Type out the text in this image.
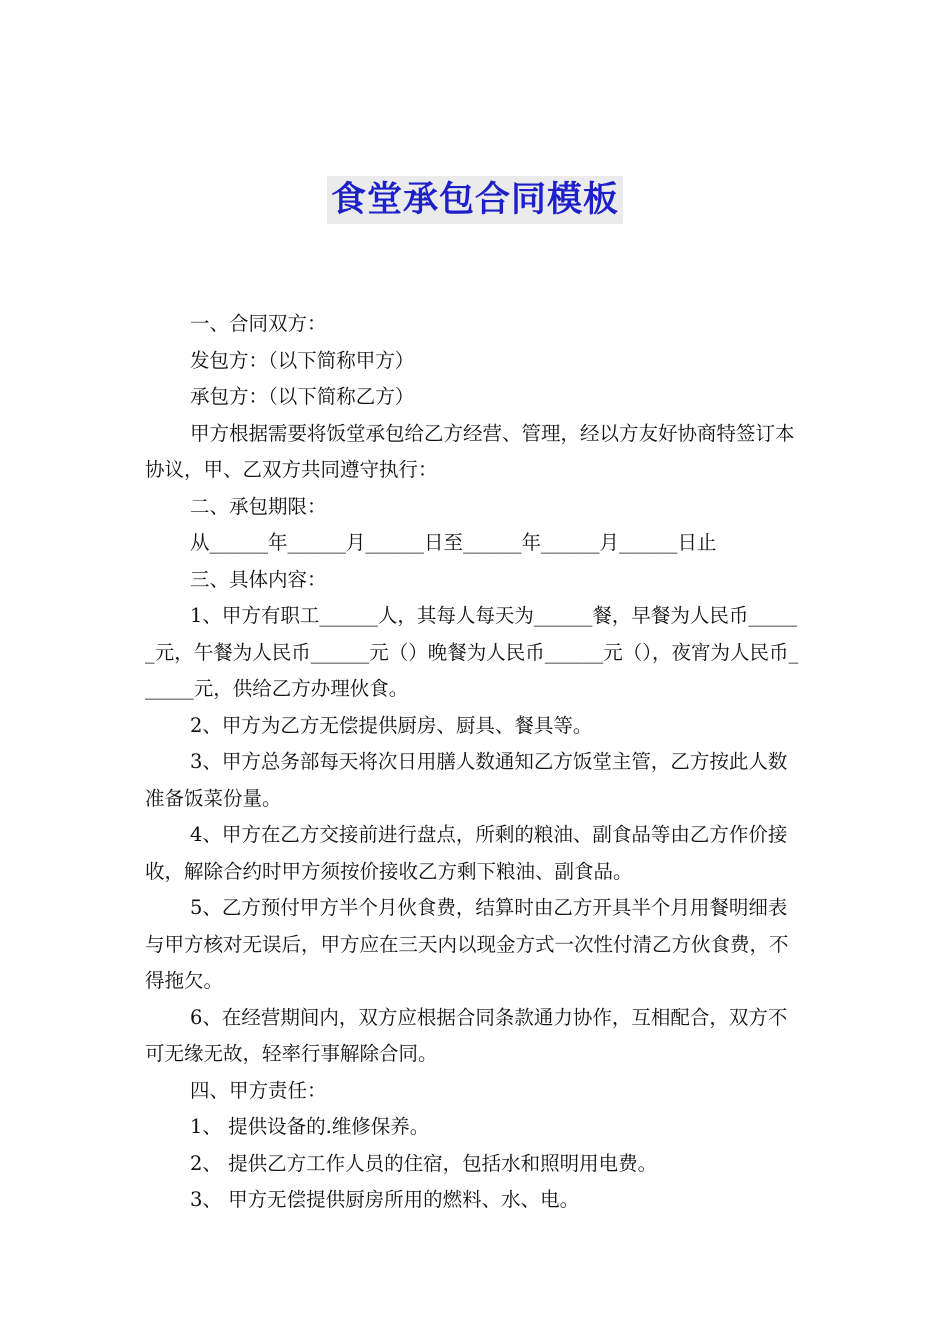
食堂承包合同模板

一、合同双方：

发包方：（以下简称甲方）

承包方：（以下简称乙方）

甲方根据需要将饭堂承包给乙方经营、管理，经以方友好协商特签订本协议，甲、乙双方共同遵守执行：

二、承包期限：

从______年______月______日至______年______月______日止

三、具体内容：

1、甲方有职工______人，其每人每天为______餐，早餐为人民币______元，午餐为人民币______元（）晚餐为人民币______元（），夜宵为人民币______元，供给乙方办理伙食。

2、甲方为乙方无偿提供厨房、厨具、餐具等。

3、甲方总务部每天将次日用膳人数通知乙方饭堂主管，乙方按此人数准备饭菜份量。

4、甲方在乙方交接前进行盘点，所剩的粮油、副食品等由乙方作价接收，解除合约时甲方须按价接收乙方剩下粮油、副食品。

5、乙方预付甲方半个月伙食费，结算时由乙方开具半个月用餐明细表与甲方核对无误后，甲方应在三天内以现金方式一次性付清乙方伙食费，不得拖欠。

6、在经营期间内，双方应根据合同条款通力协作，互相配合，双方不可无缘无故，轻率行事解除合同。

四、甲方责任：

1、 提供设备的.维修保养。

2、 提供乙方工作人员的住宿，包括水和照明用电费。

3、 甲方无偿提供厨房所用的燃料、水、电。
